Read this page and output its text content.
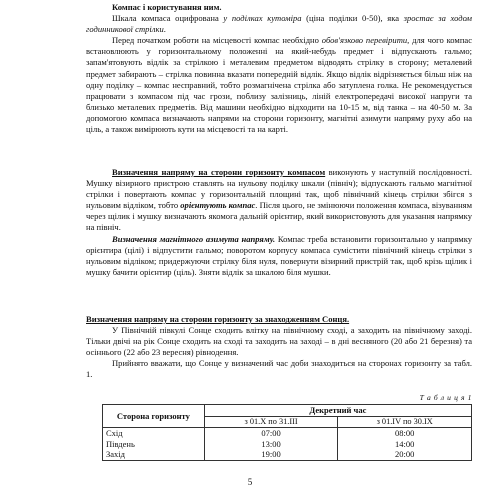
Компас і користування ним.

Шкала компаса оцифрована у поділках кутоміра (ціна поділки 0-50), яка зростає за ходом годинникової стрілки.

Перед початком роботи на місцевості компас необхідно обов'язково перевірити, для чого компас встановлюють у горизонтальному положенні на який-небудь предмет і відпускають гальмо; запам'ятовують відлік за стрілкою і металевим предметом відводять стрілку в сторону; металевий предмет забирають – стрілка повинна вказати попередній відлік. Якщо відлік відрізняється більш ніж на одну поділку – компас несправний, тобто розмагнічена стрілка або затуплена голка. Не рекомендується працювати з компасом під час грози, поблизу залізниць, ліній електропередачі високої напруги та близько металевих предметів. Від машини необхідно відходити на 10-15 м, від танка – на 40-50 м. За допомогою компаса визначають напрями на сторони горизонту, магнітні азимути напряму руху або на ціль, а також вимірюють кути на місцевості та на карті.

Визначення напряму на сторони горизонту компасом виконують у наступній послідовності. Мушку візирного пристрою ставлять на нульову поділку шкали (північ); відпускають гальмо магнітної стрілки і повертають компас у горизонтальній площині так, щоб північний кінець стрілки збігся з нульовим відліком, тобто орієнтують компас. Після цього, не змінюючи положення компаса, візуванням через щілик і мушку визначають якомога дальній орієнтир, який використовують для указання напрямку на північ.

Визначення магнітного азимута напряму. Компас треба встановити горизонтально у напрямку орієнтира (цілі) і відпустити гальмо; поворотом корпусу компаса сумістити північний кінець стрілки з нульовим відліком; придержуючи стрілку біля нуля, повернути візирний пристрій так, щоб крізь щілик і мушку бачити орієнтир (ціль). Зняти відлік за шкалою біля мушки.

Визначення напряму на сторони горизонту за знаходженням Сонця.

У Північній півкулі Сонце сходить влітку на північному сході, а заходить на північному заході. Тільки двічі на рік Сонце сходить на сході та заходить на заході – в дні весняного (20 або 21 березня) та осіннього (22 або 23 вересня) рівнодення.

Прийнято вважати, що Сонце у визначений час доби знаходиться на сторонах горизонту за табл. 1.

Т а б л и ц я 1
Сторона горизонту	Декретний час	
	з 01.X по 31.III	з 01.IV по 30.IX
Схід	07:00	08:00
Південь	13:00	14:00
Захід	19:00	20:00
5
